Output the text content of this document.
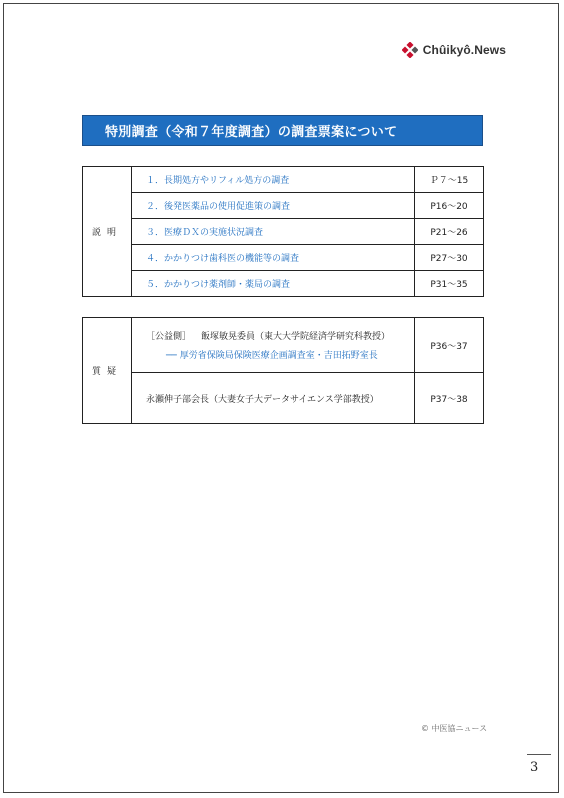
Chûikyô.News
特別調査（令和７年度調査）の調査票案について
説明	１．長期処方やリフィル処方の調査	Ｐ７〜15
	２．後発医薬品の使用促進策の調査	P16〜20
	３．医療ＤＸの実施状況調査	P21〜26
	４．かかりつけ歯科医の機能等の調査	P27〜30
	５．かかりつけ薬剤師・薬局の調査	P31〜35
質疑	［公益側］ 飯塚敏晃委員（東大大学院経済学研究科教授）
── 厚労省保険局保険医療企画調査室・吉田拓野室長	P36〜37
	永瀬伸子部会長（大妻女子大データサイエンス学部教授）	P37〜38
© 中医協ニュース
3
